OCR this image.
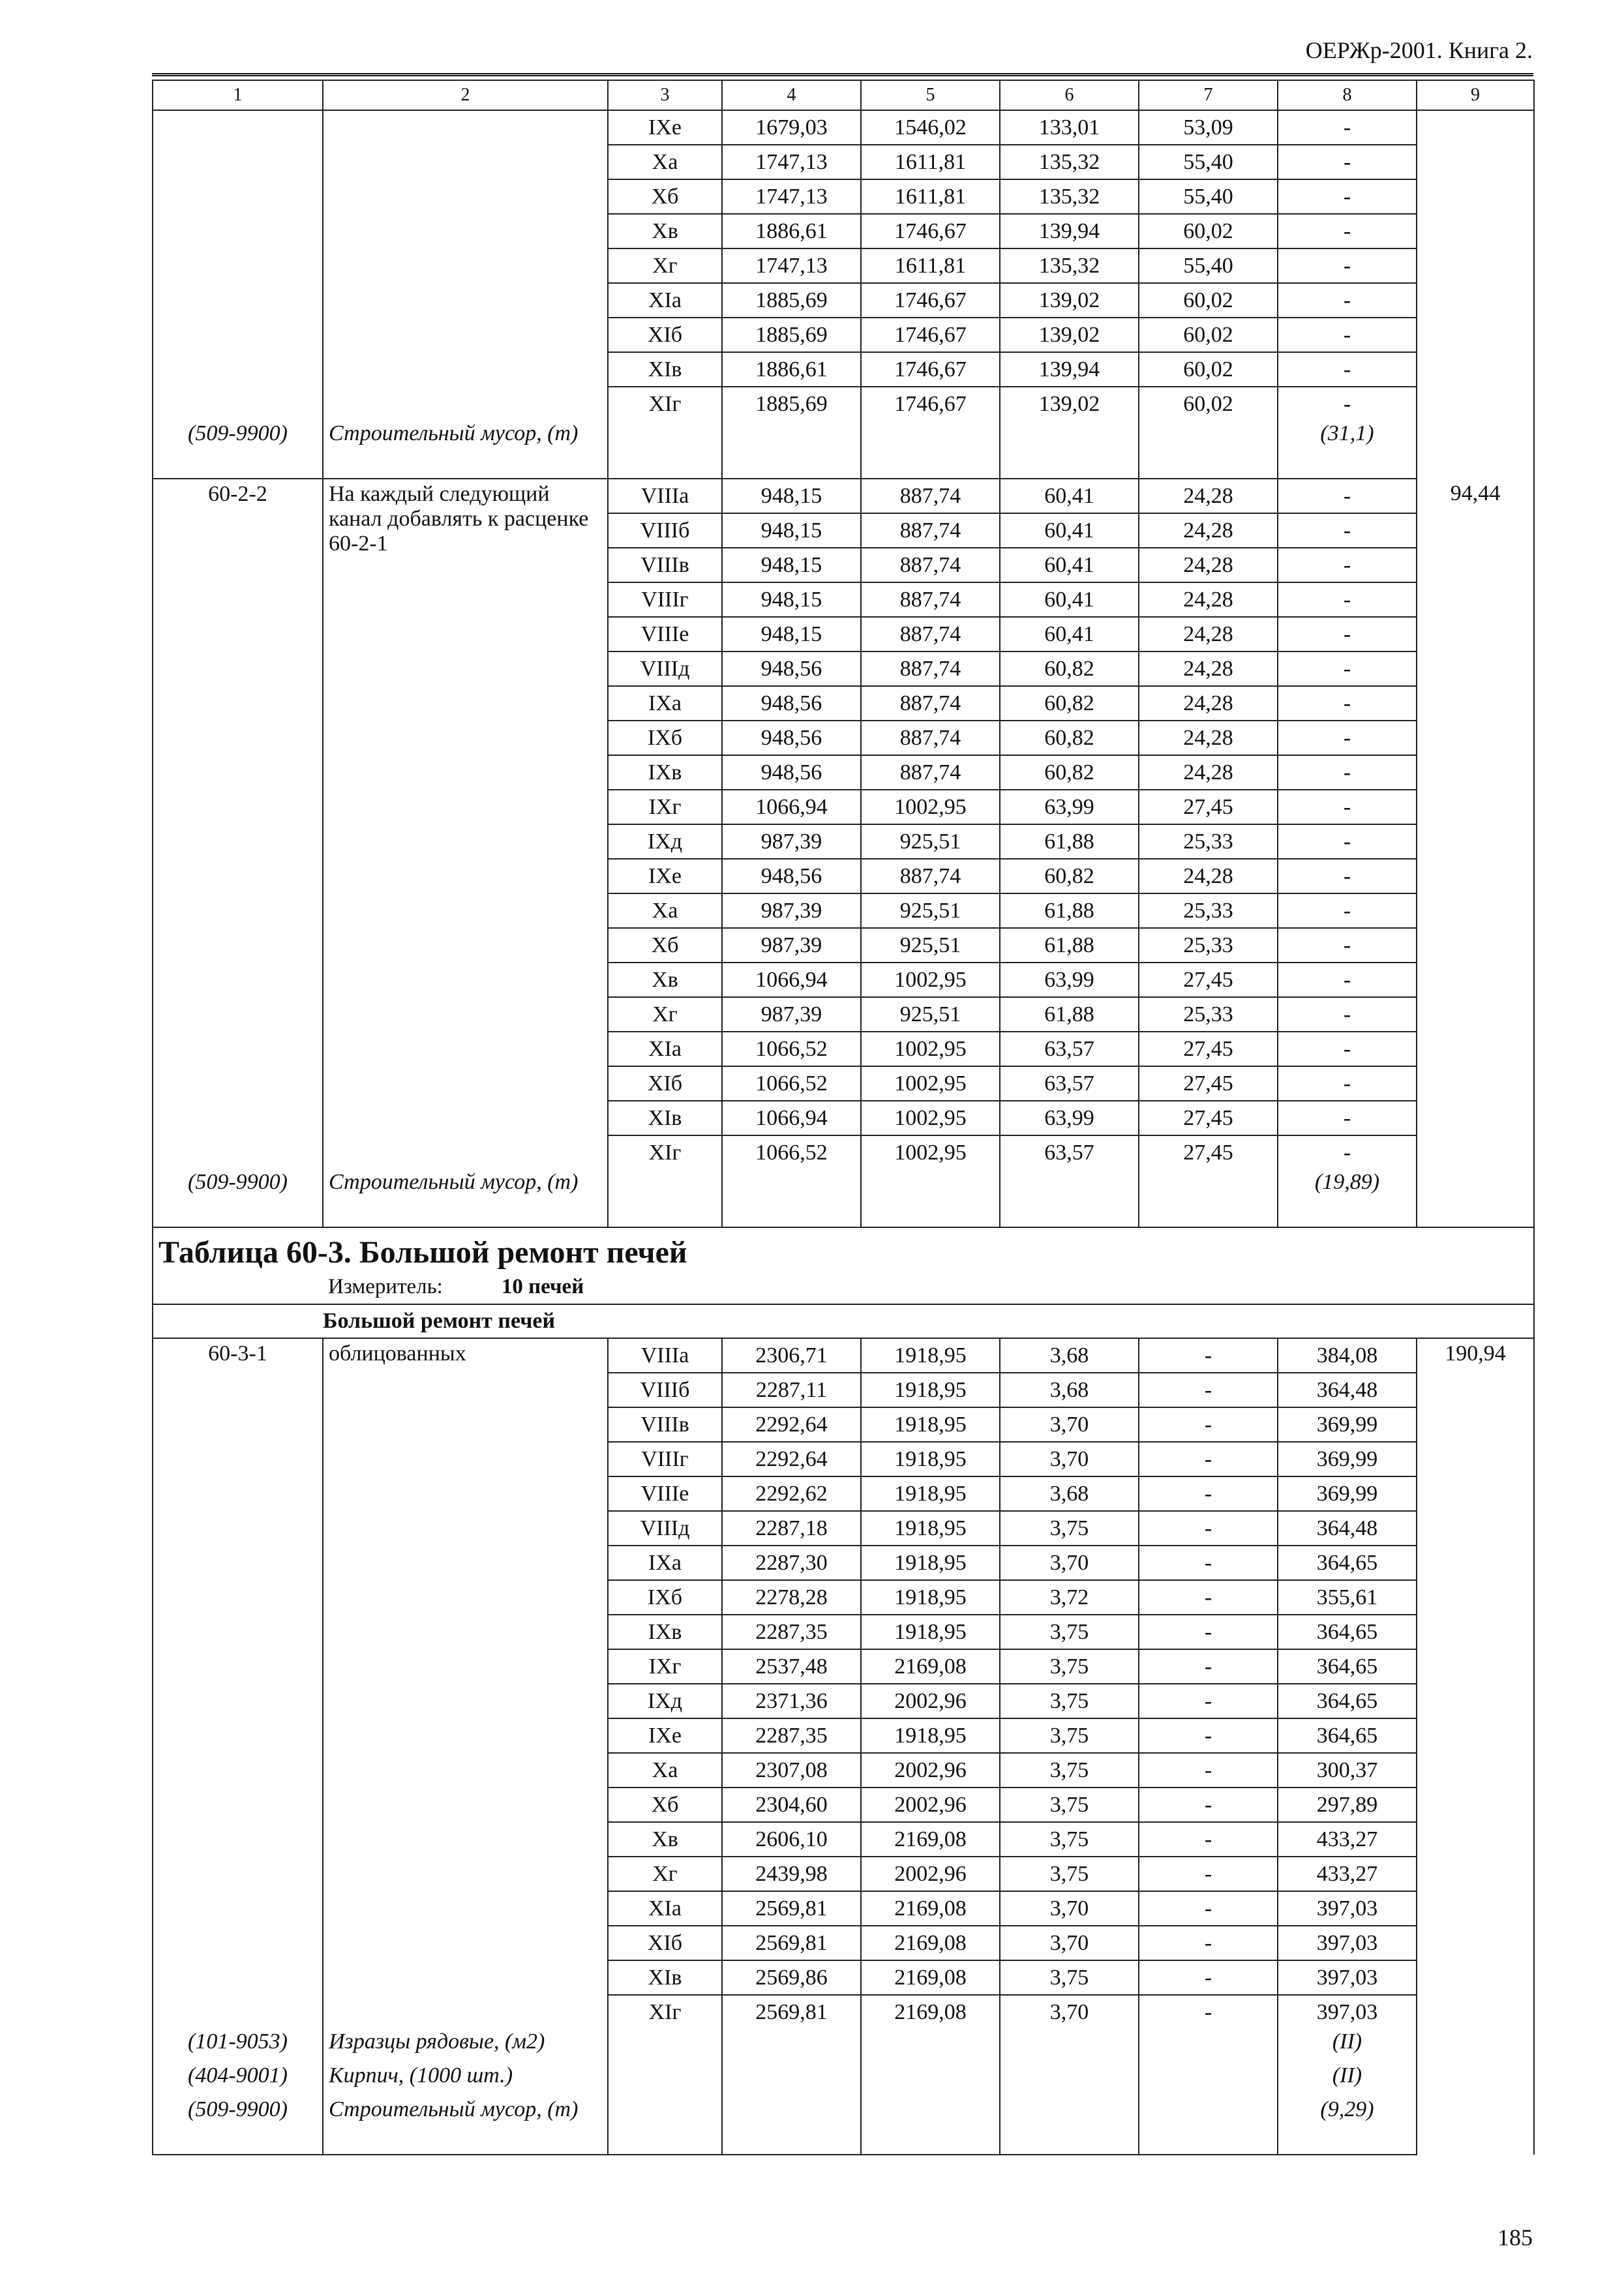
ОЕРЖр-2001. Книга 2.
1	2	3	4	5	6	7	8	9
		IXe	1679,03	1546,02	133,01	53,09	-	
		Xa	1747,13	1611,81	135,32	55,40	-	
		Xб	1747,13	1611,81	135,32	55,40	-	
		Xв	1886,61	1746,67	139,94	60,02	-	
		Xг	1747,13	1611,81	135,32	55,40	-	
		XIa	1885,69	1746,67	139,02	60,02	-	
		XIб	1885,69	1746,67	139,02	60,02	-	
		XIв	1886,61	1746,67	139,94	60,02	-	
		XIг	1885,69	1746,67	139,02	60,02	-	
(509-9900)	Строительный мусор, (т)						(31,1)	
60-2-2	На каждый следующий канал добавлять к расценке 60-2-1	VIIIa	948,15	887,74	60,41	24,28	-	94,44
		VIIIб	948,15	887,74	60,41	24,28	-	
		VIIIв	948,15	887,74	60,41	24,28	-	
		VIIIг	948,15	887,74	60,41	24,28	-	
		VIIIe	948,15	887,74	60,41	24,28	-	
		VIIIд	948,56	887,74	60,82	24,28	-	
		IXa	948,56	887,74	60,82	24,28	-	
		IXб	948,56	887,74	60,82	24,28	-	
		IXв	948,56	887,74	60,82	24,28	-	
		IXг	1066,94	1002,95	63,99	27,45	-	
		IXд	987,39	925,51	61,88	25,33	-	
		IXe	948,56	887,74	60,82	24,28	-	
		Xa	987,39	925,51	61,88	25,33	-	
		Xб	987,39	925,51	61,88	25,33	-	
		Xв	1066,94	1002,95	63,99	27,45	-	
		Xг	987,39	925,51	61,88	25,33	-	
		XIa	1066,52	1002,95	63,57	27,45	-	
		XIб	1066,52	1002,95	63,57	27,45	-	
		XIв	1066,94	1002,95	63,99	27,45	-	
		XIг	1066,52	1002,95	63,57	27,45	-	
(509-9900)	Строительный мусор, (т)						(19,89)	

Таблица 60-3. Большой ремонт печей
Измеритель: 10 печей								

Большой ремонт печей								
60-3-1	облицованных	VIIIa	2306,71	1918,95	3,68	-	384,08	190,94
		VIIIб	2287,11	1918,95	3,68	-	364,48	
		VIIIв	2292,64	1918,95	3,70	-	369,99	
		VIIIг	2292,64	1918,95	3,70	-	369,99	
		VIIIe	2292,62	1918,95	3,68	-	369,99	
		VIIIд	2287,18	1918,95	3,75	-	364,48	
		IXa	2287,30	1918,95	3,70	-	364,65	
		IXб	2278,28	1918,95	3,72	-	355,61	
		IXв	2287,35	1918,95	3,75	-	364,65	
		IXг	2537,48	2169,08	3,75	-	364,65	
		IXд	2371,36	2002,96	3,75	-	364,65	
		IXe	2287,35	1918,95	3,75	-	364,65	
		Xa	2307,08	2002,96	3,75	-	300,37	
		Xб	2304,60	2002,96	3,75	-	297,89	
		Xв	2606,10	2169,08	3,75	-	433,27	
		Xг	2439,98	2002,96	3,75	-	433,27	
		XIa	2569,81	2169,08	3,70	-	397,03	
		XIб	2569,81	2169,08	3,70	-	397,03	
		XIв	2569,86	2169,08	3,75	-	397,03	
		XIг	2569,81	2169,08	3,70	-	397,03	
(101-9053)	Изразцы рядовые, (м2)						(II)	
(404-9001)	Кирпич, (1000 шт.)						(II)	
(509-9900)	Строительный мусор, (т)						(9,29)	
185
